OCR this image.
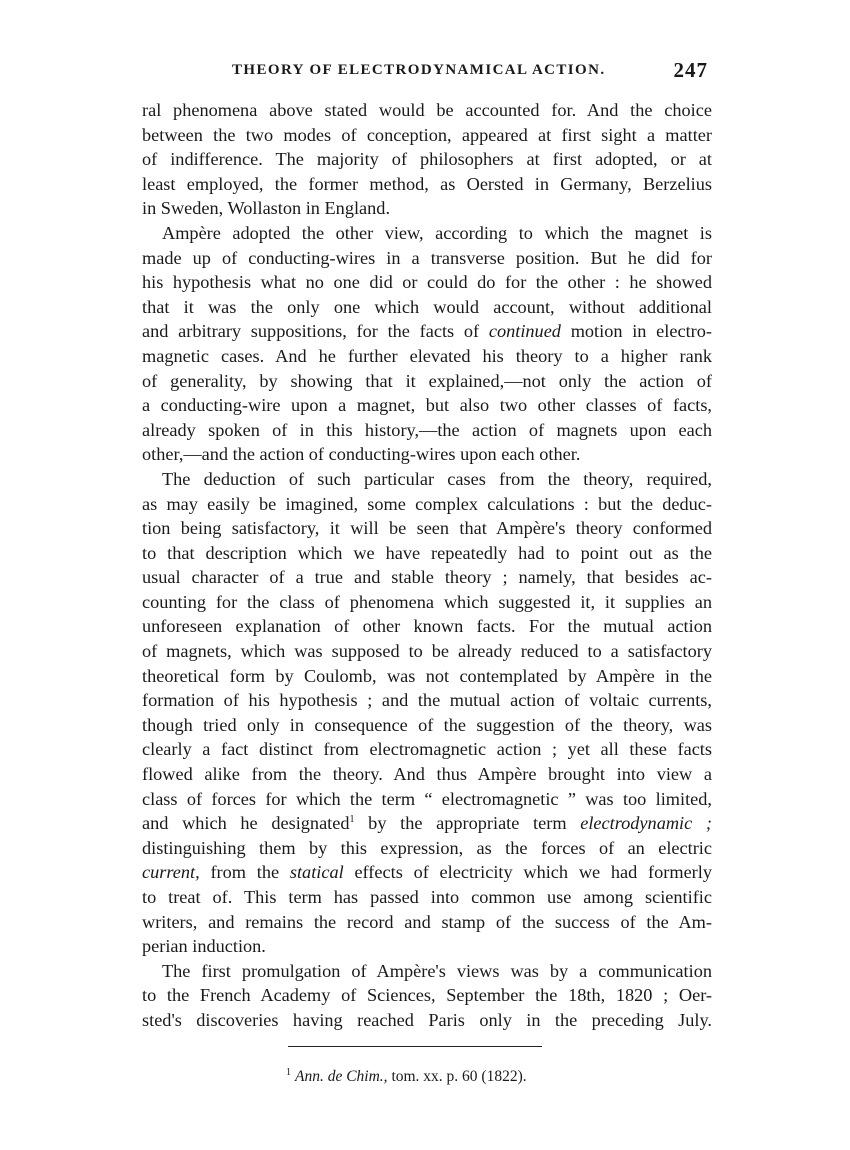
THEORY OF ELECTRODYNAMICAL ACTION.	247
ral phenomena above stated would be accounted for. And the choice
between the two modes of conception, appeared at first sight a matter
of indifference. The majority of philosophers at first adopted, or at
least employed, the former method, as Oersted in Germany, Berzelius
in Sweden, Wollaston in England.
Ampère adopted the other view, according to which the magnet is
made up of conducting-wires in a transverse position. But he did for
his hypothesis what no one did or could do for the other : he showed
that it was the only one which would account, without additional
and arbitrary suppositions, for the facts of continued motion in electro-
magnetic cases. And he further elevated his theory to a higher rank
of generality, by showing that it explained,—not only the action of
a conducting-wire upon a magnet, but also two other classes of facts,
already spoken of in this history,—the action of magnets upon each
other,—and the action of conducting-wires upon each other.
The deduction of such particular cases from the theory, required,
as may easily be imagined, some complex calculations : but the deduc-
tion being satisfactory, it will be seen that Ampère's theory conformed
to that description which we have repeatedly had to point out as the
usual character of a true and stable theory ; namely, that besides ac-
counting for the class of phenomena which suggested it, it supplies an
unforeseen explanation of other known facts. For the mutual action
of magnets, which was supposed to be already reduced to a satisfactory
theoretical form by Coulomb, was not contemplated by Ampère in the
formation of his hypothesis ; and the mutual action of voltaic currents,
though tried only in consequence of the suggestion of the theory, was
clearly a fact distinct from electromagnetic action ; yet all these facts
flowed alike from the theory. And thus Ampère brought into view a
class of forces for which the term “ electromagnetic ” was too limited,
and which he designated$^1$ by the appropriate term electrodynamic ;
distinguishing them by this expression, as the forces of an electric
current, from the statical effects of electricity which we had formerly
to treat of. This term has passed into common use among scientific
writers, and remains the record and stamp of the success of the Am-
perian induction.
The first promulgation of Ampère's views was by a communication
to the French Academy of Sciences, September the 18th, 1820 ; Oer-
sted's discoveries having reached Paris only in the preceding July.
$^1$ Ann. de Chim., tom. xx. p. 60 (1822).
